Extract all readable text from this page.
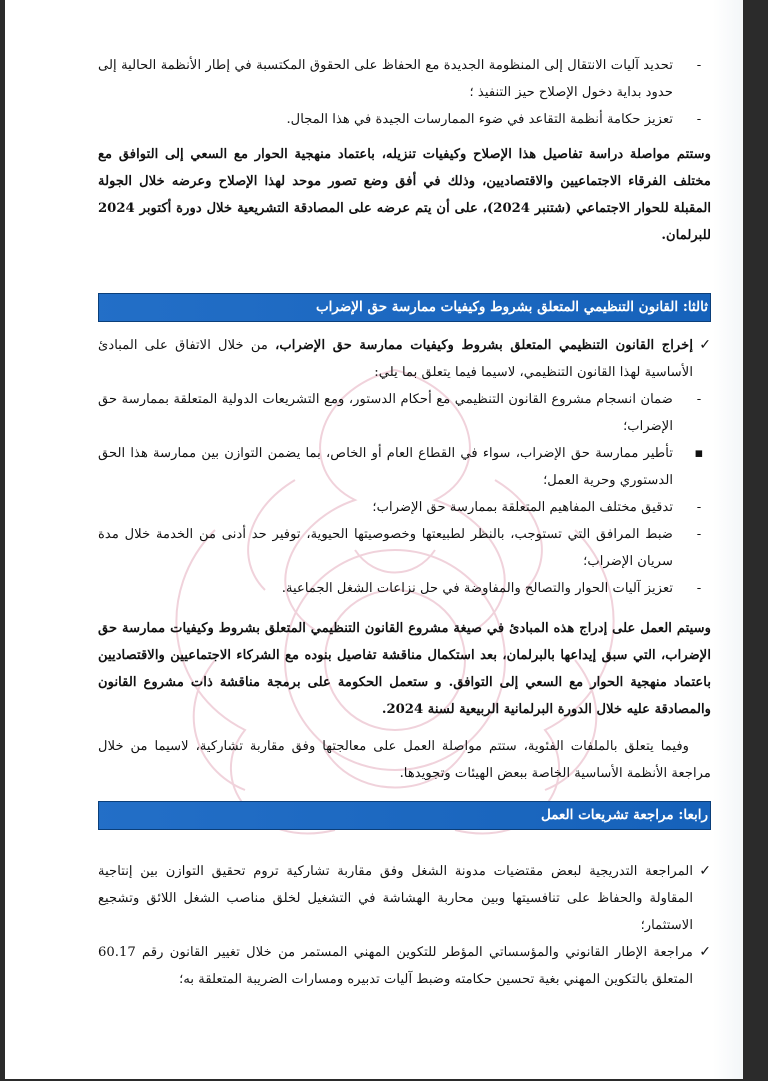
-
تحديد آليات الانتقال إلى المنظومة الجديدة مع الحفاظ على الحقوق المكتسبة في إطار الأنظمة الحالية إلى حدود بداية دخول الإصلاح حيز التنفيذ ؛
-
تعزيز حكامة أنظمة التقاعد في ضوء الممارسات الجيدة في هذا المجال.

وستتم مواصلة دراسة تفاصيل هذا الإصلاح وكيفيات تنزيله، باعتماد منهجية الحوار مع السعي إلى التوافق مع مختلف الفرقاء الاجتماعيين والاقتصاديين، وذلك في أفق وضع تصور موحد لهذا الإصلاح وعرضه خلال الجولة المقبلة للحوار الاجتماعي (شتنبر 2024)، على أن يتم عرضه على المصادقة التشريعية خلال دورة أكتوبر 2024 للبرلمان.

ثالثا: القانون التنظيمي المتعلق بشروط وكيفيات ممارسة حق الإضراب
✓
إخراج القانون التنظيمي المتعلق بشروط وكيفيات ممارسة حق الإضراب، من خلال الاتفاق على المبادئ الأساسية لهذا القانون التنظيمي، لاسيما فيما يتعلق بما يلي:
-
ضمان انسجام مشروع القانون التنظيمي مع أحكام الدستور، ومع التشريعات الدولية المتعلقة بممارسة حق الإضراب؛
▪
تأطير ممارسة حق الإضراب، سواء في القطاع العام أو الخاص، بما يضمن التوازن بين ممارسة هذا الحق الدستوري وحرية العمل؛
-
تدقيق مختلف المفاهيم المتعلقة بممارسة حق الإضراب؛
-
ضبط المرافق التي تستوجب، بالنظر لطبيعتها وخصوصيتها الحيوية، توفير حد أدنى من الخدمة خلال مدة سريان الإضراب؛
-
تعزيز آليات الحوار والتصالح والمفاوضة في حل نزاعات الشغل الجماعية.

وسيتم العمل على إدراج هذه المبادئ في صيغة مشروع القانون التنظيمي المتعلق بشروط وكيفيات ممارسة حق الإضراب، التي سبق إيداعها بالبرلمان، بعد استكمال مناقشة تفاصيل بنوده مع الشركاء الاجتماعيين والاقتصاديين باعتماد منهجية الحوار مع السعي إلى التوافق. و ستعمل الحكومة على برمجة مناقشة ذات مشروع القانون والمصادقة عليه خلال الدورة البرلمانية الربيعية لسنة 2024.

وفيما يتعلق بالملفات الفئوية، ستتم مواصلة العمل على معالجتها وفق مقاربة تشاركية، لاسيما من خلال مراجعة الأنظمة الأساسية الخاصة ببعض الهيئات وتجويدها.

رابعا: مراجعة تشريعات العمل
✓
المراجعة التدريجية لبعض مقتضيات مدونة الشغل وفق مقاربة تشاركية تروم تحقيق التوازن بين إنتاجية المقاولة والحفاظ على تنافسيتها وبين محاربة الهشاشة في التشغيل لخلق مناصب الشغل اللائق وتشجيع الاستثمار؛
✓
مراجعة الإطار القانوني والمؤسساتي المؤطر للتكوين المهني المستمر من خلال تغيير القانون رقم 60.17 المتعلق بالتكوين المهني بغية تحسين حكامته وضبط آليات تدبيره ومسارات الضريبة المتعلقة به؛
